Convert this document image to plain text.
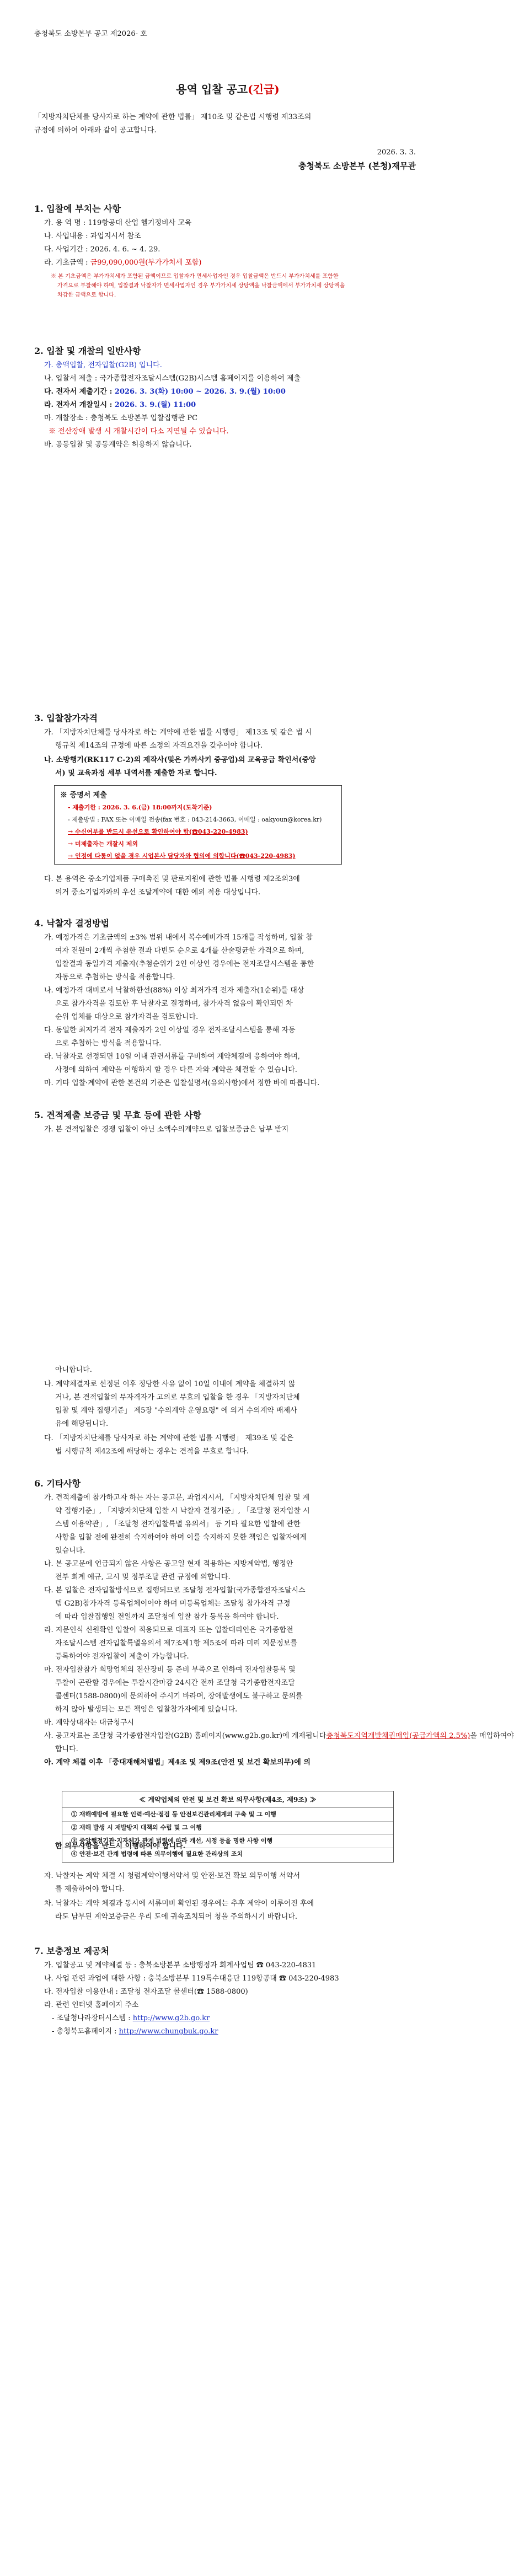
충청북도 소방본부 공고 제2026- 호
용역 입찰 공고(긴급)
「지방자치단체를 당사자로 하는 계약에 관한 법률」 제10조 및 같은법 시행령 제33조의
규정에 의하여 아래와 같이 공고합니다.
2026. 3. 3.
충청북도 소방본부 (본청)재무관
1. 입찰에 부치는 사항
가. 용 역 명 : 119항공대 산업 헬기정비사 교육
나. 사업내용 : 과업지시서 참조
다. 사업기간 : 2026. 4. 6. ~ 4. 29.
라. 기초금액 : 금99,090,000원(부가가치세 포함)
※ 본 기초금액은 부가가치세가 포함된 금액이므로 입찰자가 면세사업자인 경우 입찰금액은 반드시 부가가치세를 포함한
가격으로 투찰해야 하며, 입찰결과 낙찰자가 면세사업자인 경우 부가가치세 상당액을 낙찰금액에서 부가가치세 상당액을
차감한 금액으로 합니다.
2. 입찰 및 개찰의 일반사항
가. 총액입찰, 전자입찰(G2B) 입니다.
나. 입찰서 제출 : 국가종합전자조달시스템(G2B)시스템 홈페이지를 이용하여 제출
다. 전자서 제출기간 : 2026. 3. 3(화) 10:00 ~ 2026. 3. 9.(월) 10:00
라. 전자서 개찰일시 : 2026. 3. 9.(월) 11:00
마. 개찰장소 : 충청북도 소방본부 입찰집행관 PC
※ 전산장애 발생 시 개찰시간이 다소 지연될 수 있습니다.
바. 공동입찰 및 공동계약은 허용하지 않습니다.
3. 입찰참가자격
가. 「지방자치단체를 당사자로 하는 계약에 관한 법률 시행령」 제13조 및 같은 법 시
행규칙 제14조의 규정에 따른 소정의 자격요건을 갖추어야 합니다.
나. 소방행기(RK117 C-2)의 제작사(및은 가까사키 중공업)의 교육공급 확인서(중앙
서) 및 교육과정 세부 내역서를 제출한 자로 합니다.
※ 증명서 제출
- 제출기한 : 2026. 3. 6.(금) 18:00까지(도착기준)
- 제출방법 : FAX 또는 이메일 전송(fax 번호 : 043-214-3663, 이메일 : oakyoun@korea.kr)
→ 수신여부를 반드시 유선으로 확인하여야 함(☎043-220-4983)
→ 미제출자는 개찰시 제외
→ 인정에 다툼이 없을 경우 시업본사 담당자와 협의에 의합니다(☎043-220-4983)
다. 본 용역은 중소기업제품 구매촉진 및 판로지원에 관한 법률 시행령 제2조의3에
의거 중소기업자와의 우선 조달계약에 대한 예외 적용 대상입니다.
4. 낙찰자 결정방법
가. 예정가격은 기초금액의 ±3% 범위 내에서 복수예비가격 15개를 작성하며, 입찰 참
여자 전원이 2개씩 추첨한 결과 다빈도 순으로 4개를 산술평균한 가격으로 하며,
입찰결과 동일가격 제출자(추첨순위가 2인 이상인 경우에는 전자조달시스템을 통한
자동으로 추첨하는 방식을 적용합니다.
나. 예정가격 대비로서 낙찰하한선(88%) 이상 최저가격 전자 제출자(1순위)를 대상
으로 참가자격을 검토한 후 낙찰자로 결정하며, 참가자격 없음이 확인되면 차
순위 업체를 대상으로 참가자격을 검토합니다.
다. 동일한 최저가격 전자 제출자가 2인 이상일 경우 전자조달시스템을 통해 자동
으로 추첨하는 방식을 적용합니다.
라. 낙찰자로 선정되면 10일 이내 관련서류를 구비하여 계약체결에 응하여야 하며,
사정에 의하여 계약을 이행하지 할 경우 다른 자와 계약을 체결할 수 있습니다.
마. 기타 입찰·계약에 관한 본건의 기준은 입찰설명서(유의사항)에서 정한 바에 따릅니다.
5. 견적제출 보증금 및 무효 등에 관한 사항
가. 본 견적입찰은 경쟁 입찰이 아닌 소액수의계약으로 입찰보증금은 납부 받지
아니합니다.
나. 계약체결자로 선정된 이후 정당한 사유 없이 10일 이내에 계약을 체결하지 않
거나, 본 견적입찰의 무자격자가 고의로 무효의 입찰을 한 경우 「지방자치단체
입찰 및 계약 집행기준」 제5장 "수의계약 운영요령" 에 의거 수의계약 배제사
유에 해당됩니다.
다. 「지방자치단체를 당사자로 하는 계약에 관한 법률 시행령」 제39조 및 같은
법 시행규칙 제42조에 해당하는 경우는 견적을 무효로 합니다.
6. 기타사항
가. 견적제출에 참가하고자 하는 자는 공고문, 과업지시서, 「지방자치단체 입찰 및 계
약 집행기준」, 「지방자치단체 입찰 시 낙찰자 결정기준」, 「조달청 전자입찰 시
스템 이용약관」, 「조달청 전자입찰특별 유의서」 등 기타 필요한 입찰에 관한
사항을 입찰 전에 완전히 숙지하여야 하며 이를 숙지하지 못한 책임은 입찰자에게
있습니다.
나. 본 공고문에 언급되지 않은 사항은 공고일 현재 적용하는 지방계약법, 행정안
전부 회계 예규, 고시 및 정부조달 관련 규정에 의합니다.
다. 본 입찰은 전자입찰방식으로 집행되므로 조달청 전자입찰(국가종합전자조달시스
템 G2B)참가자격 등록업체이어야 하며 미등록업체는 조달청 참가자격 규정
에 따라 입찰집행일 전일까지 조달청에 입찰 참가 등록을 하여야 합니다.
라. 지문인식 신원확인 입찰이 적용되므로 대표자 또는 입찰대리인은 국가종합전
자조달시스템 전자입찰특별유의서 제7조제1항 제5조에 따라 미리 지문정보를
등록하여야 전자입찰이 제출이 가능합니다.
마. 전자입찰참가 희망업체의 전산장비 등 준비 부족으로 인하여 전자입찰등록 및
투찰이 곤란할 경우에는 투찰시간마감 24시간 전까 조달청 국가종합전자조달
콜센터(1588-0800)에 문의하여 주시기 바라며, 장애발생예도 불구하고 문의를
하지 않아 발생되는 모든 책임은 입찰참가자에게 있습니다.
바. 계약상대자는 대금청구시
사. 공고자료는 조달청 국가종합전자입찰(G2B) 홈페이지(www.g2b.go.kr)에 게재됩니다충청북도지역개발채권매입(공급가액의 2.5%)을 매입하여야
합니다.
아. 계약 체결 이후 「중대재해처벌법」제4조 및 제9조(안전 및 보건 확보의무)에 의
한 의무사항을 반드시 이행하여야 합니다.
≪ 계약업체의 안전 및 보건 확보 의무사항(제4조, 제9조) ≫
① 재해예방에 필요한 인력·예산·점검 등 안전보건관리체계의 구축 및 그 이행
② 재해 발생 시 재발방지 대책의 수립 및 그 이행
③ 중앙행정기관·지자체가 관계 법령에 따라 개선, 시정 등을 명한 사항 이행
④ 안전·보건 관계 법령에 따른 의무이행에 필요한 관리상의 조치
자. 낙찰자는 계약 체결 시 청렴계약이행서약서 및 안전·보건 확보 의무이행 서약서
를 제출하여야 합니다.
차. 낙찰자는 계약 체결과 동시에 서류미비 확인된 경우에는 추후 제약이 이루어진 후에
라도 남부된 계약보증금은 우리 도에 귀속조치되어 청을 주의하시기 바랍니다.
7. 보충정보 제공처
가. 입찰공고 및 계약체결 등 : 충북소방본부 소방행정과 회계사업팀 ☎ 043-220-4831
나. 사업 관련 과업에 대한 사항 : 충북소방본부 119특수대응단 119항공대 ☎ 043-220-4983
다. 전자입찰 이용안내 : 조달청 전자조달 콜센터(☎ 1588-0800)
라. 관련 인터넷 홈페이지 주소
- 조달청나라장터시스템 : http://www.g2b.go.kr
- 충청북도홈페이지 : http://www.chungbuk.go.kr
